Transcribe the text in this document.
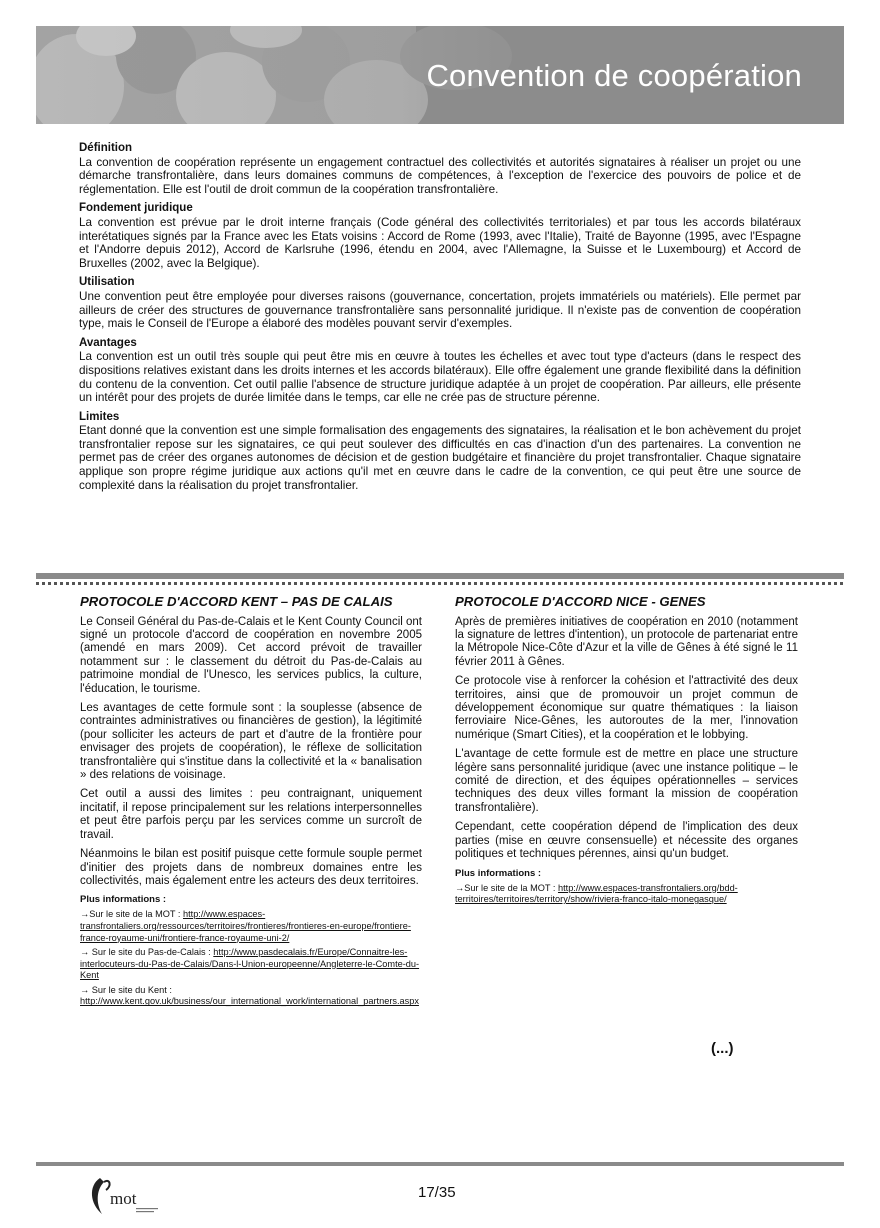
Convention de coopération
Définition

La convention de coopération représente un engagement contractuel des collectivités et autorités signataires à réaliser un projet ou une démarche transfrontalière, dans leurs domaines communs de compétences, à l'exception de l'exercice des pouvoirs de police et de réglementation. Elle est l'outil de droit commun de la coopération transfrontalière.

Fondement juridique

La convention est prévue par le droit interne français (Code général des collectivités territoriales) et par tous les accords bilatéraux interétatiques signés par la France avec les Etats voisins : Accord de Rome (1993, avec l'Italie), Traité de Bayonne (1995, avec l'Espagne et l'Andorre depuis 2012), Accord de Karlsruhe (1996, étendu en 2004, avec l'Allemagne, la Suisse et le Luxembourg) et Accord de Bruxelles (2002, avec la Belgique).

Utilisation

Une convention peut être employée pour diverses raisons (gouvernance, concertation, projets immatériels ou matériels). Elle permet par ailleurs de créer des structures de gouvernance transfrontalière sans personnalité juridique. Il n'existe pas de convention de coopération type, mais le Conseil de l'Europe a élaboré des modèles pouvant servir d'exemples.

Avantages

La convention est un outil très souple qui peut être mis en œuvre à toutes les échelles et avec tout type d'acteurs (dans le respect des dispositions relatives existant dans les droits internes et les accords bilatéraux). Elle offre également une grande flexibilité dans la définition du contenu de la convention. Cet outil pallie l'absence de structure juridique adaptée à un projet de coopération. Par ailleurs, elle présente un intérêt pour des projets de durée limitée dans le temps, car elle ne crée pas de structure pérenne.

Limites

Etant donné que la convention est une simple formalisation des engagements des signataires, la réalisation et le bon achèvement du projet transfrontalier repose sur les signataires, ce qui peut soulever des difficultés en cas d'inaction d'un des partenaires. La convention ne permet pas de créer des organes autonomes de décision et de gestion budgétaire et financière du projet transfrontalier. Chaque signataire applique son propre régime juridique aux actions qu'il met en œuvre dans le cadre de la convention, ce qui peut être une source de complexité dans la réalisation du projet transfrontalier.

PROTOCOLE D'ACCORD KENT – PAS DE CALAIS

Le Conseil Général du Pas-de-Calais et le Kent County Council ont signé un protocole d'accord de coopération en novembre 2005 (amendé en mars 2009). Cet accord prévoit de travailler notamment sur : le classement du détroit du Pas-de-Calais au patrimoine mondial de l'Unesco, les services publics, la culture, l'éducation, le tourisme.

Les avantages de cette formule sont : la souplesse (absence de contraintes administratives ou financières de gestion), la légitimité (pour solliciter les acteurs de part et d'autre de la frontière pour envisager des projets de coopération), le réflexe de sollicitation transfrontalière qui s'institue dans la collectivité et la « banalisation » des relations de voisinage.

Cet outil a aussi des limites : peu contraignant, uniquement incitatif, il repose principalement sur les relations interpersonnelles et peut être parfois perçu par les services comme un surcroît de travail.

Néanmoins le bilan est positif puisque cette formule souple permet d'initier des projets dans de nombreux domaines entre les collectivités, mais également entre les acteurs des deux territoires.

Plus informations :
→Sur le site de la MOT : http://www.espaces-transfrontaliers.org/ressources/territoires/frontieres/frontieres-en-europe/frontiere-france-royaume-uni/frontiere-france-royaume-uni-2/
→ Sur le site du Pas-de-Calais : http://www.pasdecalais.fr/Europe/Connaitre-les-interlocuteurs-du-Pas-de-Calais/Dans-l-Union-europeenne/Angleterre-le-Comte-du-Kent
→ Sur le site du Kent : http://www.kent.gov.uk/business/our_international_work/international_partners.aspx
PROTOCOLE D'ACCORD NICE - GENES

Après de premières initiatives de coopération en 2010 (notamment la signature de lettres d'intention), un protocole de partenariat entre la Métropole Nice-Côte d'Azur et la ville de Gênes à été signé le 11 février 2011 à Gênes.

Ce protocole vise à renforcer la cohésion et l'attractivité des deux territoires, ainsi que de promouvoir un projet commun de développement économique sur quatre thématiques : la liaison ferroviaire Nice-Gênes, les autoroutes de la mer, l'innovation numérique (Smart Cities), et la coopération et le lobbying.

L'avantage de cette formule est de mettre en place une structure légère sans personnalité juridique (avec une instance politique – le comité de direction, et des équipes opérationnelles – services techniques des deux villes formant la mission de coopération transfrontalière).

Cependant, cette coopération dépend de l'implication des deux parties (mise en œuvre consensuelle) et nécessite des organes politiques et techniques pérennes, ainsi qu'un budget.

Plus informations :
→Sur le site de la MOT : http://www.espaces-transfrontaliers.org/bdd-territoires/territoires/territory/show/riviera-franco-italo-monegasque/
(...)
mot	17/35
